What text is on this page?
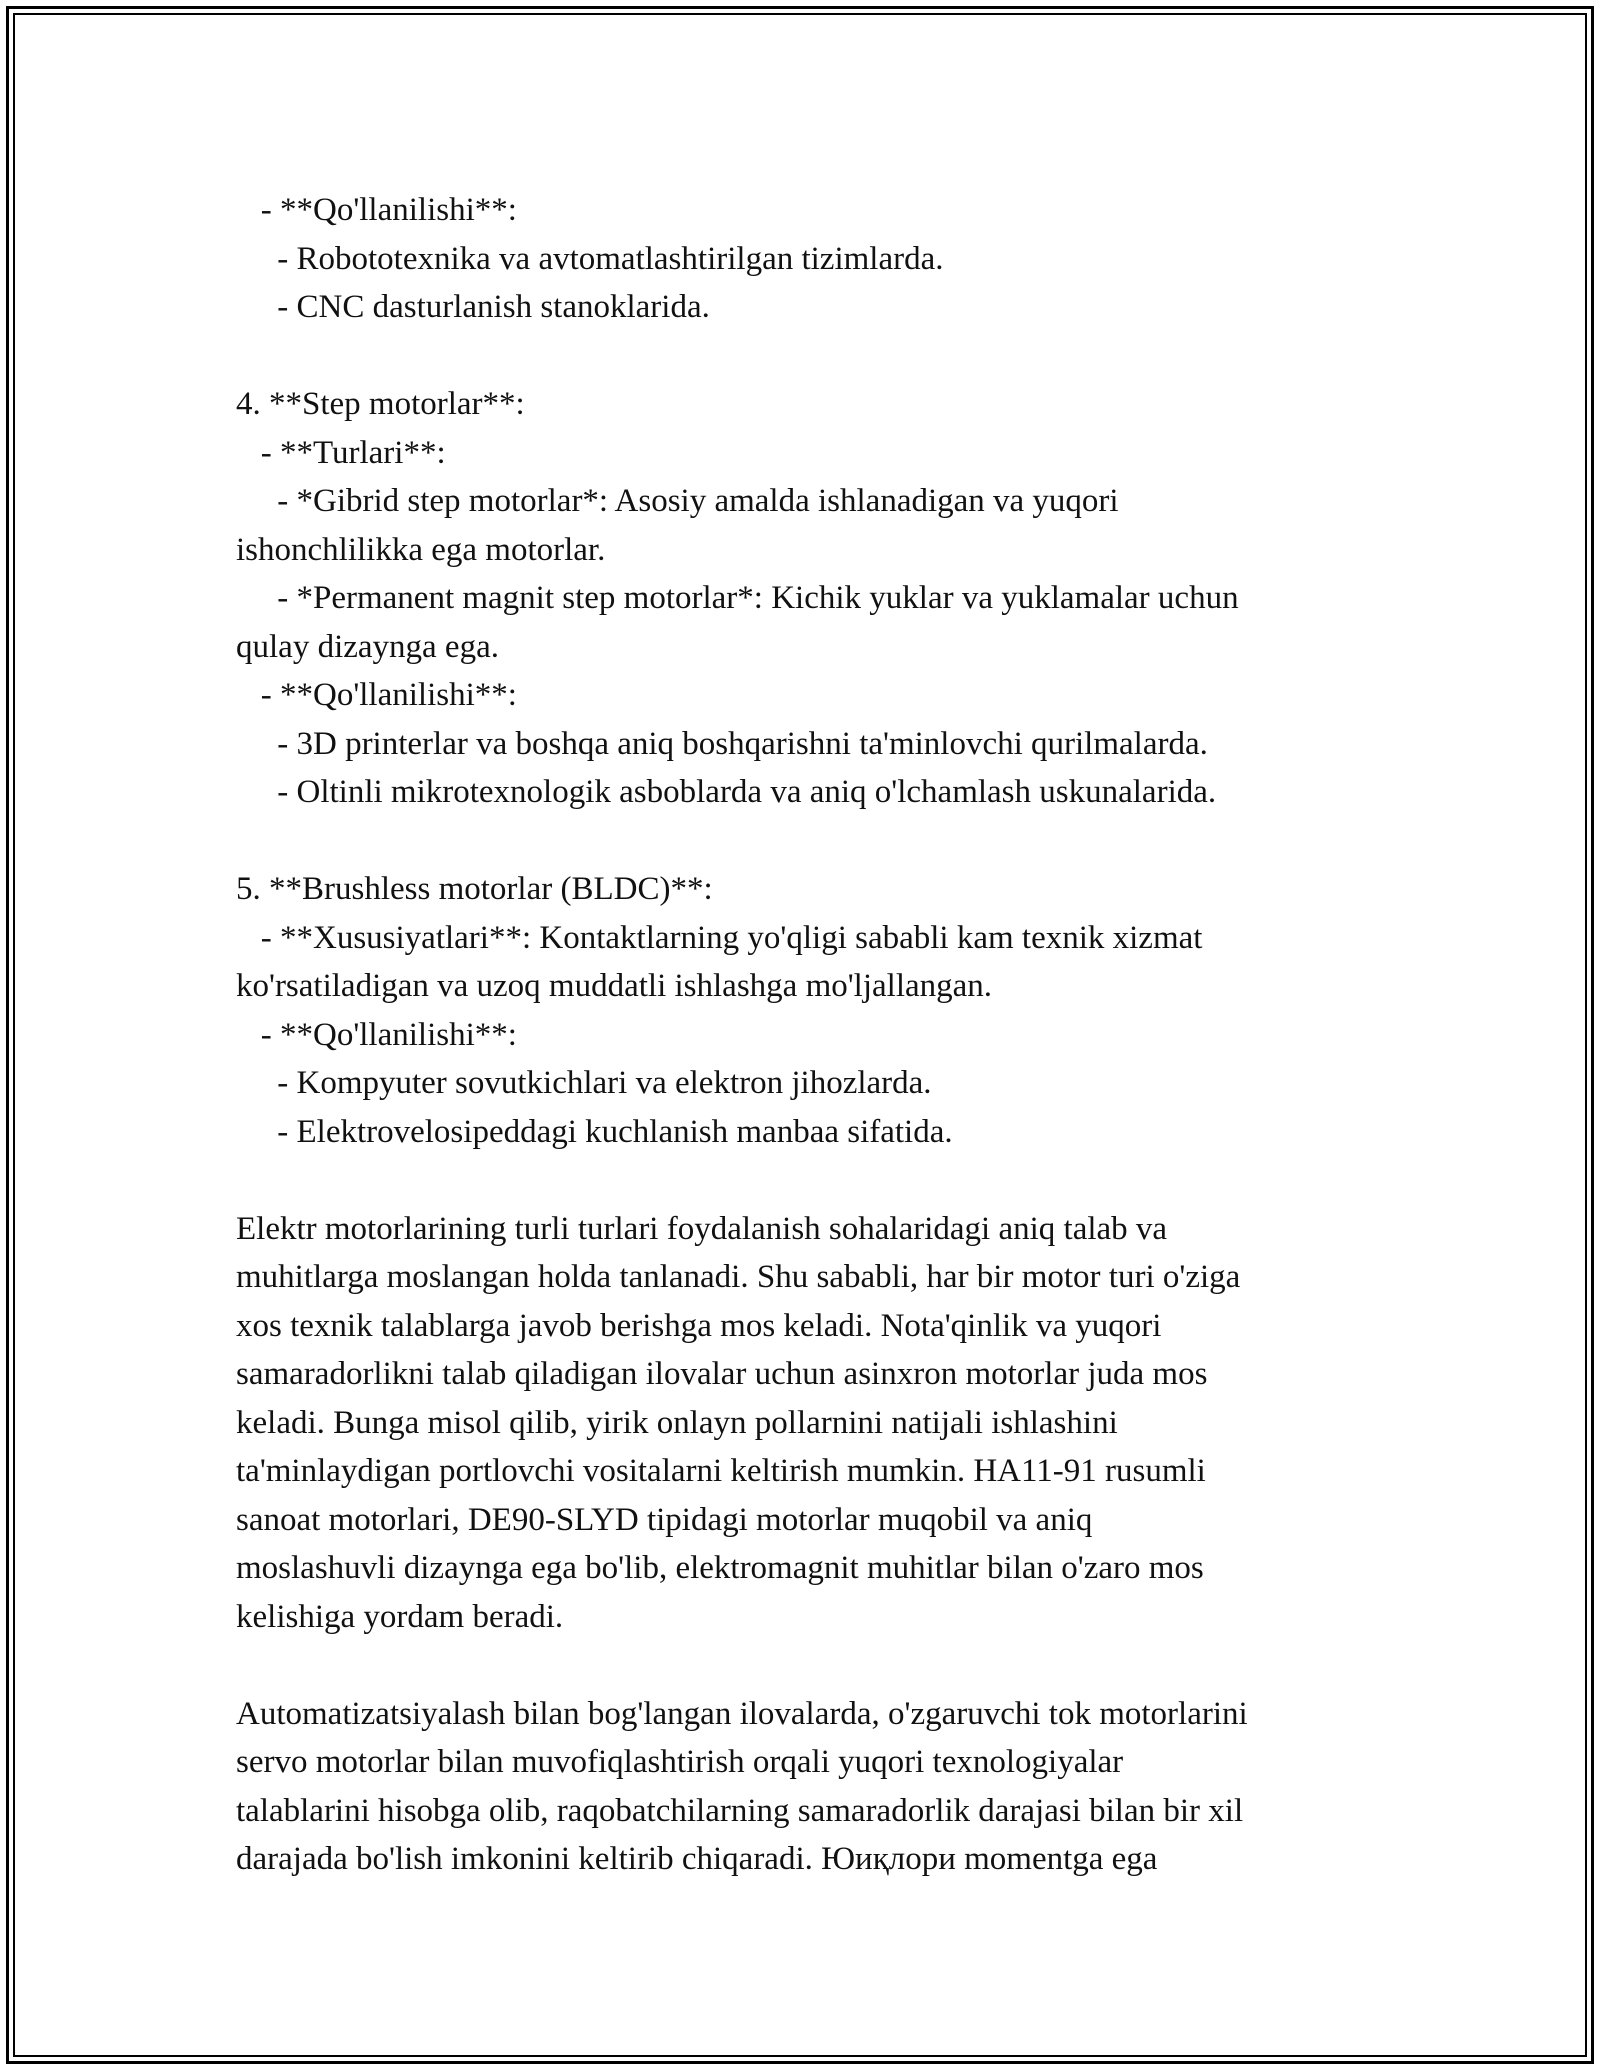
- **Qo'llanilishi**:
- Robototexnika va avtomatlashtirilgan tizimlarda.
- CNC dasturlanish stanoklarida.
4. **Step motorlar**:
- **Turlari**:
- *Gibrid step motorlar*: Asosiy amalda ishlanadigan va yuqori
ishonchlilikka ega motorlar.
- *Permanent magnit step motorlar*: Kichik yuklar va yuklamalar uchun
qulay dizaynga ega.
- **Qo'llanilishi**:
- 3D printerlar va boshqa aniq boshqarishni ta'minlovchi qurilmalarda.
- Oltinli mikrotexnologik asboblarda va aniq o'lchamlash uskunalarida.
5. **Brushless motorlar (BLDC)**:
- **Xususiyatlari**: Kontaktlarning yo'qligi sababli kam texnik xizmat
ko'rsatiladigan va uzoq muddatli ishlashga mo'ljallangan.
- **Qo'llanilishi**:
- Kompyuter sovutkichlari va elektron jihozlarda.
- Elektrovelosipeddagi kuchlanish manbaa sifatida.
Elektr motorlarining turli turlari foydalanish sohalaridagi aniq talab va
muhitlarga moslangan holda tanlanadi. Shu sababli, har bir motor turi o'ziga
xos texnik talablarga javob berishga mos keladi. Nota'qinlik va yuqori
samaradorlikni talab qiladigan ilovalar uchun asinxron motorlar juda mos
keladi. Bunga misol qilib, yirik onlayn pollarnini natijali ishlashini
ta'minlaydigan portlovchi vositalarni keltirish mumkin. HA11-91 rusumli
sanoat motorlari, DE90-SLYD tipidagi motorlar muqobil va aniq
moslashuvli dizaynga ega bo'lib, elektromagnit muhitlar bilan o'zaro mos
kelishiga yordam beradi.
Automatizatsiyalash bilan bog'langan ilovalarda, o'zgaruvchi tok motorlarini
servo motorlar bilan muvofiqlashtirish orqali yuqori texnologiyalar
talablarini hisobga olib, raqobatchilarning samaradorlik darajasi bilan bir xil
darajada bo'lish imkonini keltirib chiqaradi. Юиқлори momentga ega
